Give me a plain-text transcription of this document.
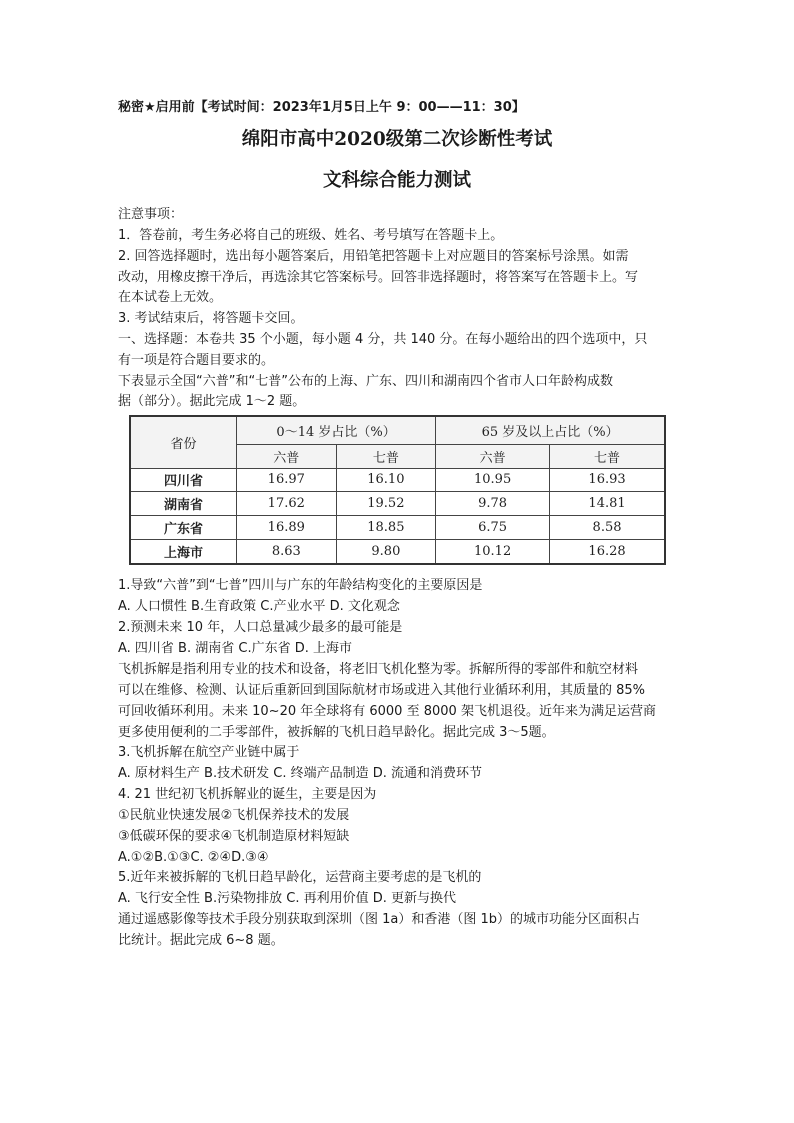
秘密★启用前【考试时间：2023年1月5日上午 9：00——11：30】
绵阳市高中2020级第二次诊断性考试
文科综合能力测试
注意事项：
1．答卷前，考生务必将自己的班级、姓名、考号填写在答题卡上。
2. 回答选择题时，选出每小题答案后，用铅笔把答题卡上对应题目的答案标号涂黑。如需
改动，用橡皮擦干净后，再选涂其它答案标号。回答非选择题时，将答案写在答题卡上。写
在本试卷上无效。
3. 考试结束后，将答题卡交回。
一、选择题：本卷共 35 个小题，每小题 4 分，共 140 分。在每小题给出的四个选项中，只
有一项是符合题目要求的。
下表显示全国“六普”和“七普”公布的上海、广东、四川和湖南四个省市人口年龄构成数
据（部分）。据此完成 1～2 题。
省份	0～14 岁占比（%）		65 岁及以上占比（%）	
	六普	七普	六普	七普
四川省	16.97	16.10	10.95	16.93
湖南省	17.62	19.52	9.78	14.81
广东省	16.89	18.85	6.75	8.58
上海市	8.63	9.80	10.12	16.28
1.导致“六普”到“七普”四川与广东的年龄结构变化的主要原因是
A. 人口惯性 B.生育政策 C.产业水平 D. 文化观念
2.预测未来 10 年，人口总量减少最多的最可能是
A. 四川省 B. 湖南省 C.广东省 D. 上海市
飞机拆解是指利用专业的技术和设备，将老旧飞机化整为零。拆解所得的零部件和航空材料
可以在维修、检测、认证后重新回到国际航材市场或进入其他行业循环利用，其质量的 85%
可回收循环利用。未来 10~20 年全球将有 6000 至 8000 架飞机退役。近年来为满足运营商
更多使用便利的二手零部件，被拆解的飞机日趋早龄化。据此完成 3～5题。
3.飞机拆解在航空产业链中属于
A. 原材料生产 B.技术研发 C. 终端产品制造 D. 流通和消费环节
4. 21 世纪初飞机拆解业的诞生，主要是因为
①民航业快速发展②飞机保养技术的发展
③低碳环保的要求④飞机制造原材料短缺
A.①②B.①③C. ②④D.③④
5.近年来被拆解的飞机日趋早龄化，运营商主要考虑的是飞机的
A. 飞行安全性 B.污染物排放 C. 再利用价值 D. 更新与换代
通过遥感影像等技术手段分别获取到深圳（图 1a）和香港（图 1b）的城市功能分区面积占
比统计。据此完成 6~8 题。
